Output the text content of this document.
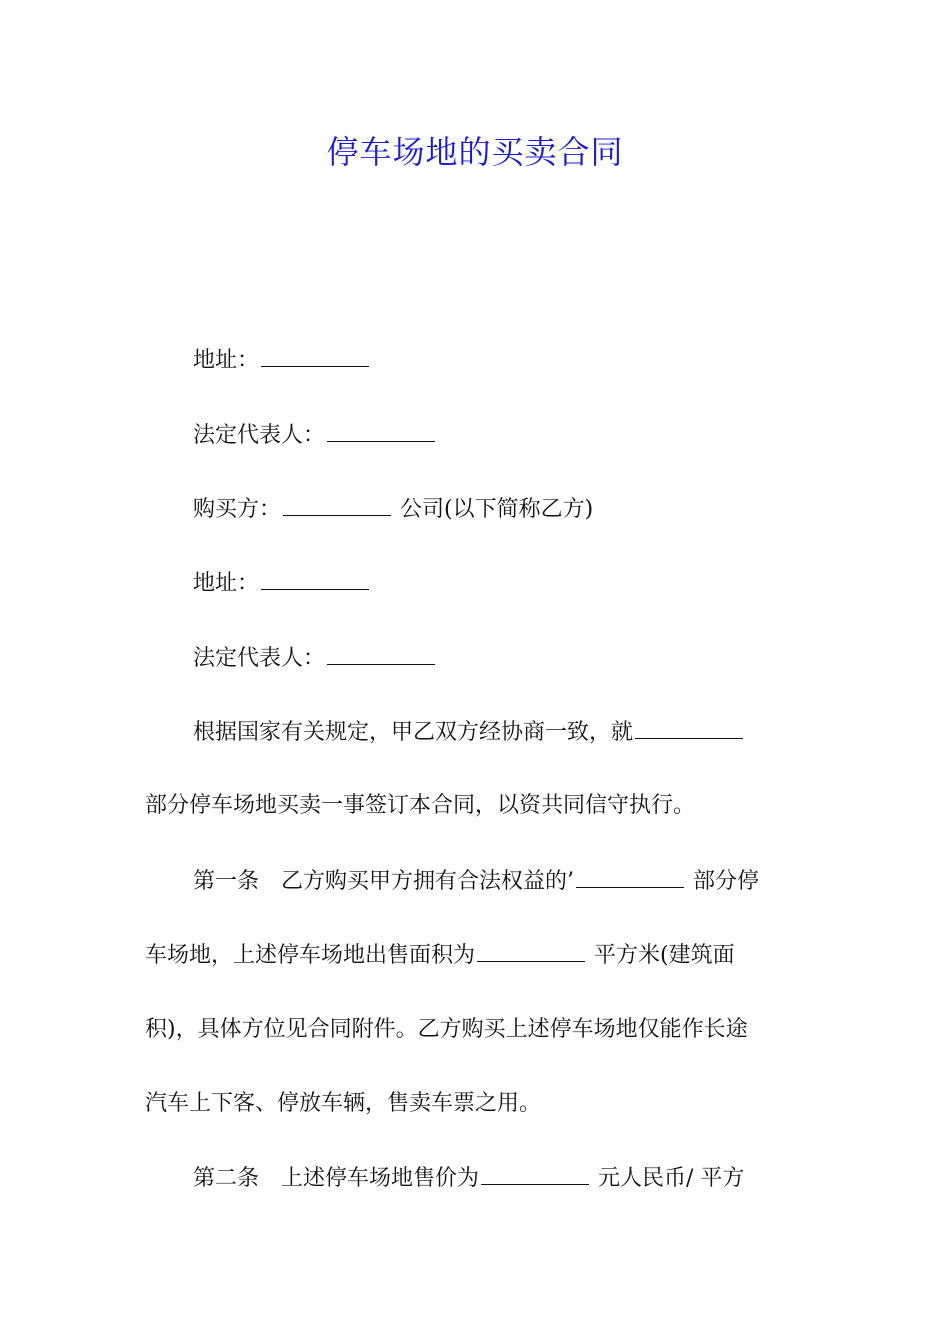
停车场地的买卖合同

地址：

法定代表人：

购买方：	公司(以下简称乙方)

地址：

法定代表人：

根据国家有关规定，甲乙双方经协商一致，就

部分停车场地买卖一事签订本合同，以资共同信守执行。

第一条 乙方购买甲方拥有合法权益的’	部分停

车场地，上述停车场地出售面积为	平方米(建筑面

积)，具体方位见合同附件。乙方购买上述停车场地仅能作长途

汽车上下客、停放车辆，售卖车票之用。

第二条 上述停车场地售价为	元人民币/ 平方
